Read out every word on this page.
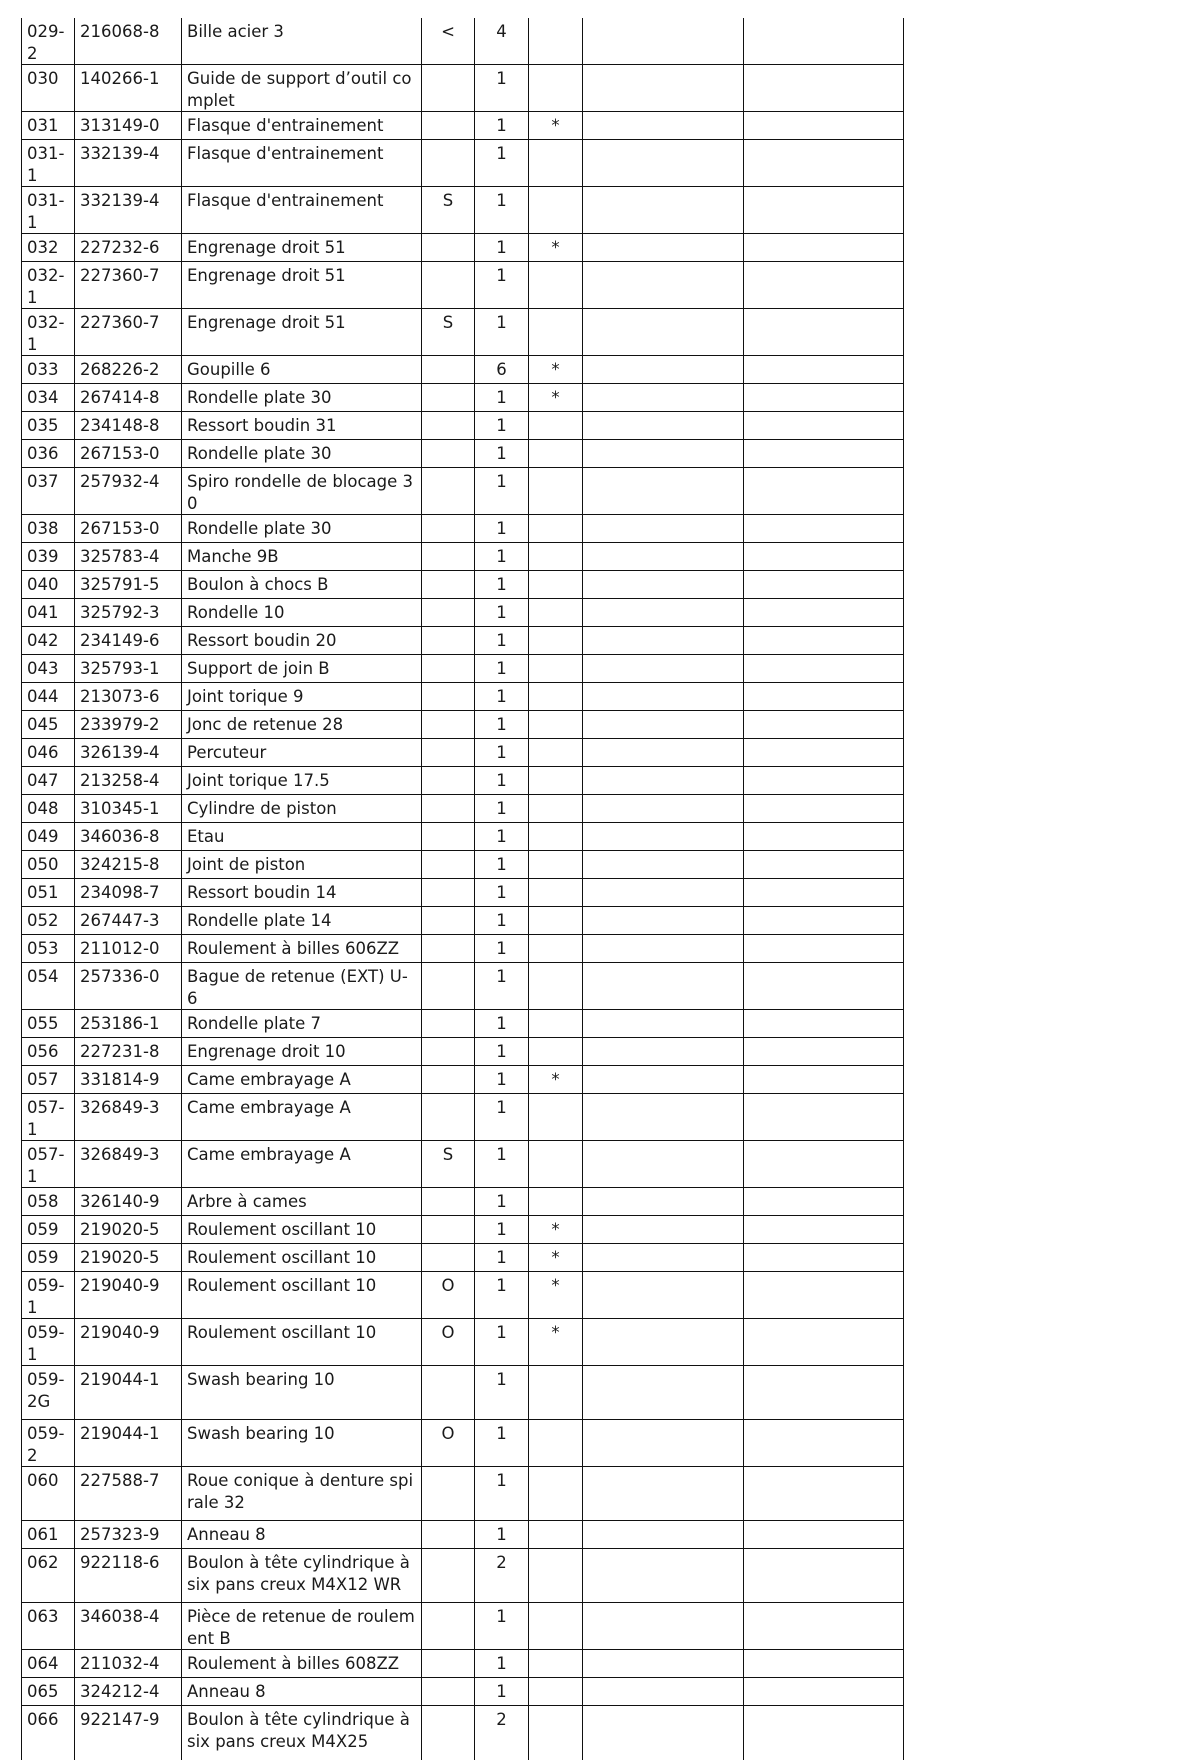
029-2	216068-8	Bille acier 3	<	4			
030	140266-1	Guide de support d’outil complet		1			
031	313149-0	Flasque d'entrainement		1	*		
031-1	332139-4	Flasque d'entrainement		1			
031-1	332139-4	Flasque d'entrainement	S	1			
032	227232-6	Engrenage droit 51		1	*		
032-1	227360-7	Engrenage droit 51		1			
032-1	227360-7	Engrenage droit 51	S	1			
033	268226-2	Goupille 6		6	*		
034	267414-8	Rondelle plate 30		1	*		
035	234148-8	Ressort boudin 31		1			
036	267153-0	Rondelle plate 30		1			
037	257932-4	Spiro rondelle de blocage 30		1			
038	267153-0	Rondelle plate 30		1			
039	325783-4	Manche 9B		1			
040	325791-5	Boulon à chocs B		1			
041	325792-3	Rondelle 10		1			
042	234149-6	Ressort boudin 20		1			
043	325793-1	Support de join B		1			
044	213073-6	Joint torique 9		1			
045	233979-2	Jonc de retenue 28		1			
046	326139-4	Percuteur		1			
047	213258-4	Joint torique 17.5		1			
048	310345-1	Cylindre de piston		1			
049	346036-8	Etau		1			
050	324215-8	Joint de piston		1			
051	234098-7	Ressort boudin 14		1			
052	267447-3	Rondelle plate 14		1			
053	211012-0	Roulement à billes 606ZZ		1			
054	257336-0	Bague de retenue (EXT) U-6		1			
055	253186-1	Rondelle plate 7		1			
056	227231-8	Engrenage droit 10		1			
057	331814-9	Came embrayage A		1	*		
057-1	326849-3	Came embrayage A		1			
057-1	326849-3	Came embrayage A	S	1			
058	326140-9	Arbre à cames		1			
059	219020-5	Roulement oscillant 10		1	*		
059	219020-5	Roulement oscillant 10		1	*		
059-1	219040-9	Roulement oscillant 10	O	1	*		
059-1	219040-9	Roulement oscillant 10	O	1	*		
059-2G	219044-1	Swash bearing 10		1			
059-2	219044-1	Swash bearing 10	O	1			
060	227588-7	Roue conique à denture spirale 32		1			
061	257323-9	Anneau 8		1			
062	922118-6	Boulon à tête cylindrique à six pans creux M4X12 WR		2			
063	346038-4	Pièce de retenue de roulement B		1			
064	211032-4	Roulement à billes 608ZZ		1			
065	324212-4	Anneau 8		1			
066	922147-9	Boulon à tête cylindrique à six pans creux M4X25		2			
